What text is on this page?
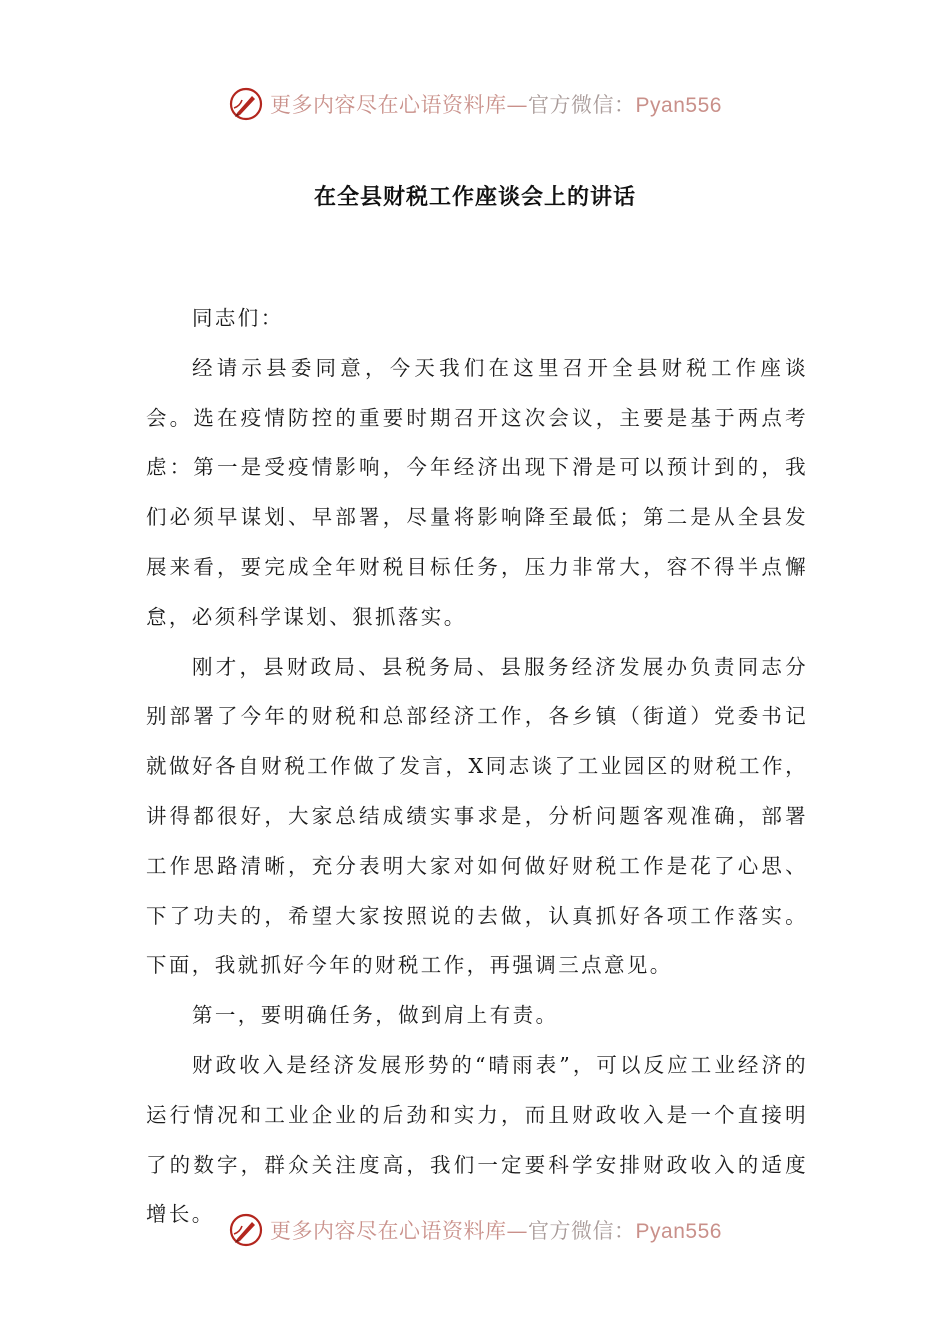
更多内容尽在心语资料库—官方微信：Pyan556
在全县财税工作座谈会上的讲话

同志们：

经请示县委同意，今天我们在这里召开全县财税工作座谈会。选在疫情防控的重要时期召开这次会议，主要是基于两点考虑：第一是受疫情影响，今年经济出现下滑是可以预计到的，我们必须早谋划、早部署，尽量将影响降至最低；第二是从全县发展来看，要完成全年财税目标任务，压力非常大，容不得半点懈怠，必须科学谋划、狠抓落实。

刚才，县财政局、县税务局、县服务经济发展办负责同志分别部署了今年的财税和总部经济工作，各乡镇（街道）党委书记就做好各自财税工作做了发言，X同志谈了工业园区的财税工作，讲得都很好，大家总结成绩实事求是，分析问题客观准确，部署工作思路清晰，充分表明大家对如何做好财税工作是花了心思、下了功夫的，希望大家按照说的去做，认真抓好各项工作落实。下面，我就抓好今年的财税工作，再强调三点意见。

第一，要明确任务，做到肩上有责。

财政收入是经济发展形势的“晴雨表”，可以反应工业经济的运行情况和工业企业的后劲和实力，而且财政收入是一个直接明了的数字，群众关注度高，我们一定要科学安排财政收入的适度增长。

更多内容尽在心语资料库—官方微信：Pyan556
